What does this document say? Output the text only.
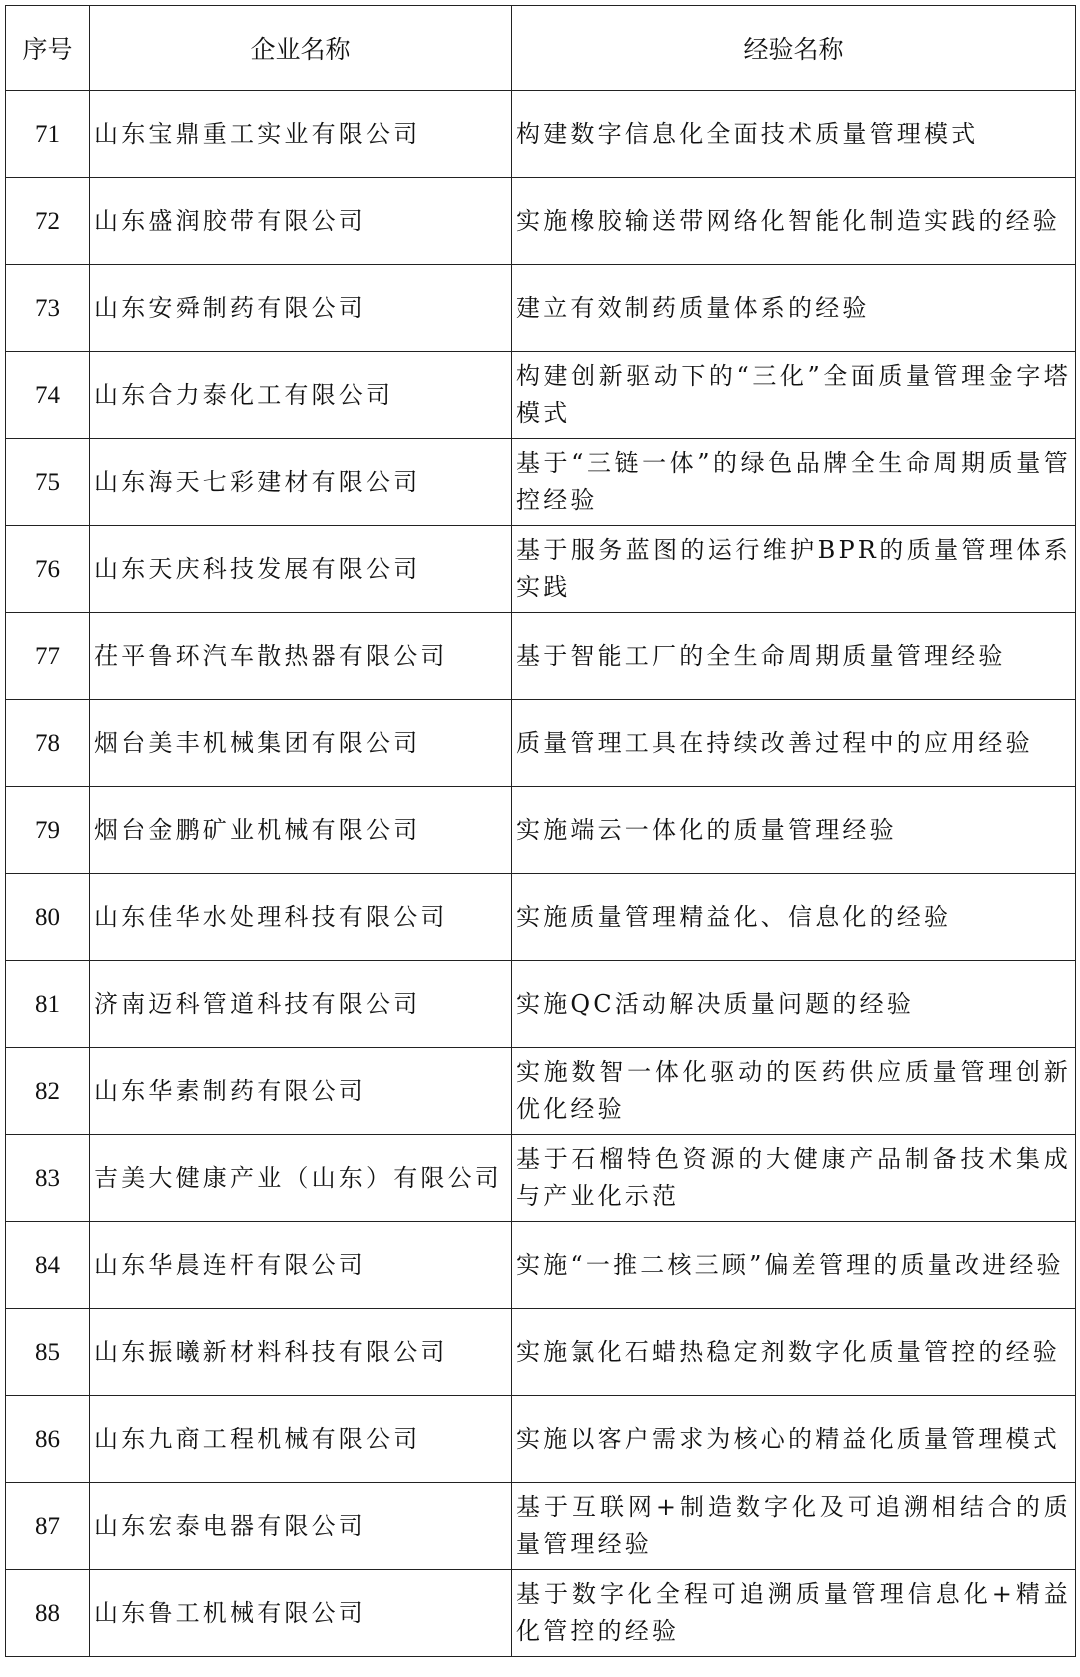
序号	企业名称	经验名称
71	山东宝鼎重工实业有限公司	构建数字信息化全面技术质量管理模式
72	山东盛润胶带有限公司	实施橡胶输送带网络化智能化制造实践的经验
73	山东安舜制药有限公司	建立有效制药质量体系的经验
74	山东合力泰化工有限公司	构建创新驱动下的“三化”全面质量管理金字塔模式
75	山东海天七彩建材有限公司	基于“三链一体”的绿色品牌全生命周期质量管控经验
76	山东天庆科技发展有限公司	基于服务蓝图的运行维护BPR的质量管理体系实践
77	茌平鲁环汽车散热器有限公司	基于智能工厂的全生命周期质量管理经验
78	烟台美丰机械集团有限公司	质量管理工具在持续改善过程中的应用经验
79	烟台金鹏矿业机械有限公司	实施端云一体化的质量管理经验
80	山东佳华水处理科技有限公司	实施质量管理精益化、信息化的经验
81	济南迈科管道科技有限公司	实施QC活动解决质量问题的经验
82	山东华素制药有限公司	实施数智一体化驱动的医药供应质量管理创新优化经验
83	吉美大健康产业（山东）有限公司	基于石榴特色资源的大健康产品制备技术集成与产业化示范
84	山东华晨连杆有限公司	实施“一推二核三顾”偏差管理的质量改进经验
85	山东振曦新材料科技有限公司	实施氯化石蜡热稳定剂数字化质量管控的经验
86	山东九商工程机械有限公司	实施以客户需求为核心的精益化质量管理模式
87	山东宏泰电器有限公司	基于互联网+制造数字化及可追溯相结合的质量管理经验
88	山东鲁工机械有限公司	基于数字化全程可追溯质量管理信息化+精益化管控的经验
